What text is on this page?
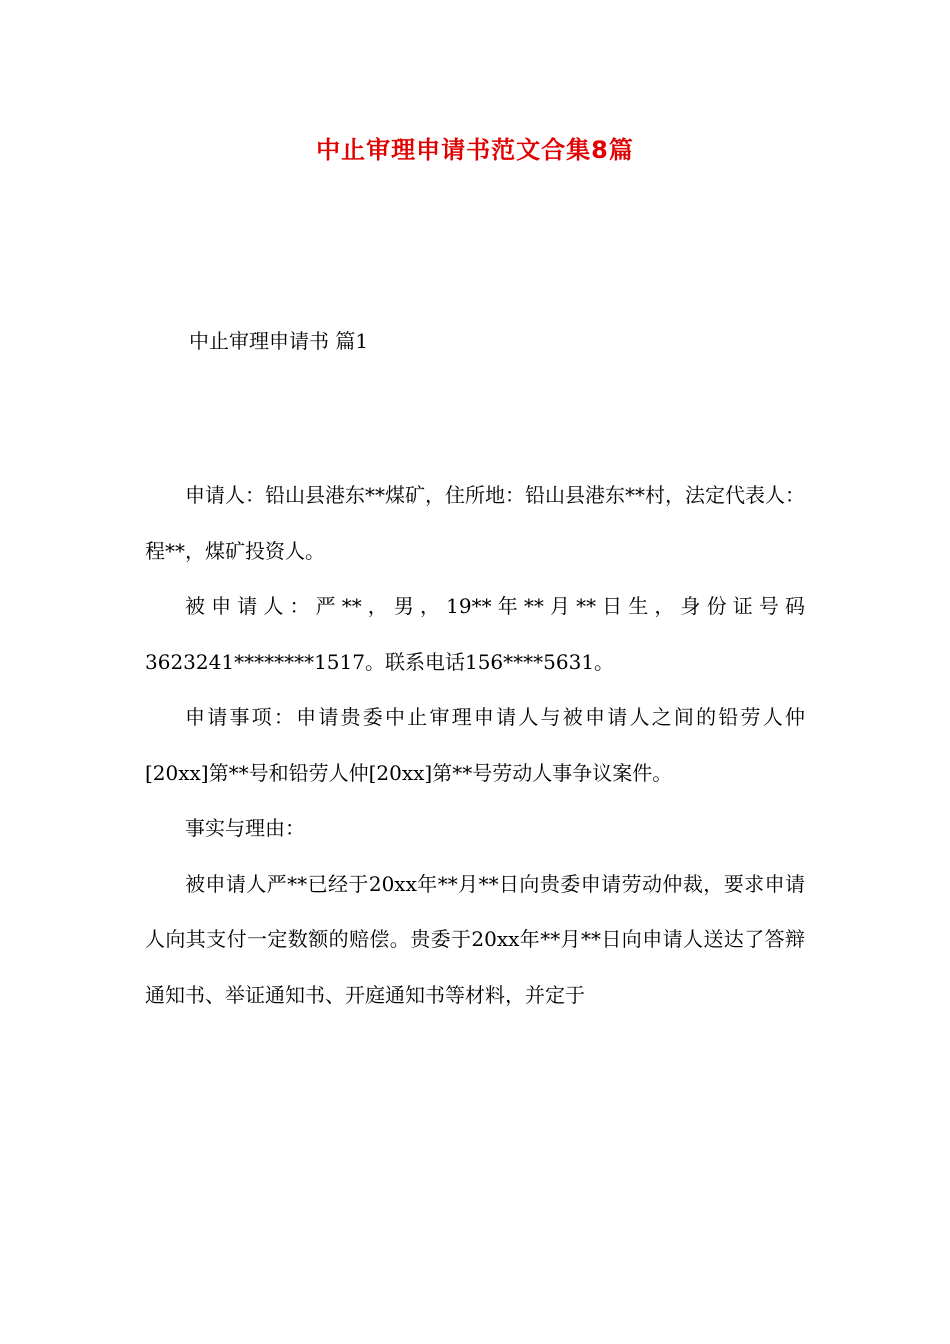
中止审理申请书范文合集8篇
中止审理申请书 篇1

申请人：铅山县港东**煤矿，住所地：铅山县港东**村，法定代表人：程**，煤矿投资人。

被申请人：严**，男，19**年**月**日生，身份证号码3623241********1517。联系电话156****5631。

申请事项：申请贵委中止审理申请人与被申请人之间的铅劳人仲[20xx]第**号和铅劳人仲[20xx]第**号劳动人事争议案件。

事实与理由：

被申请人严**已经于20xx年**月**日向贵委申请劳动仲裁，要求申请人向其支付一定数额的赔偿。贵委于20xx年**月**日向申请人送达了答辩通知书、举证通知书、开庭通知书等材料，并定于
